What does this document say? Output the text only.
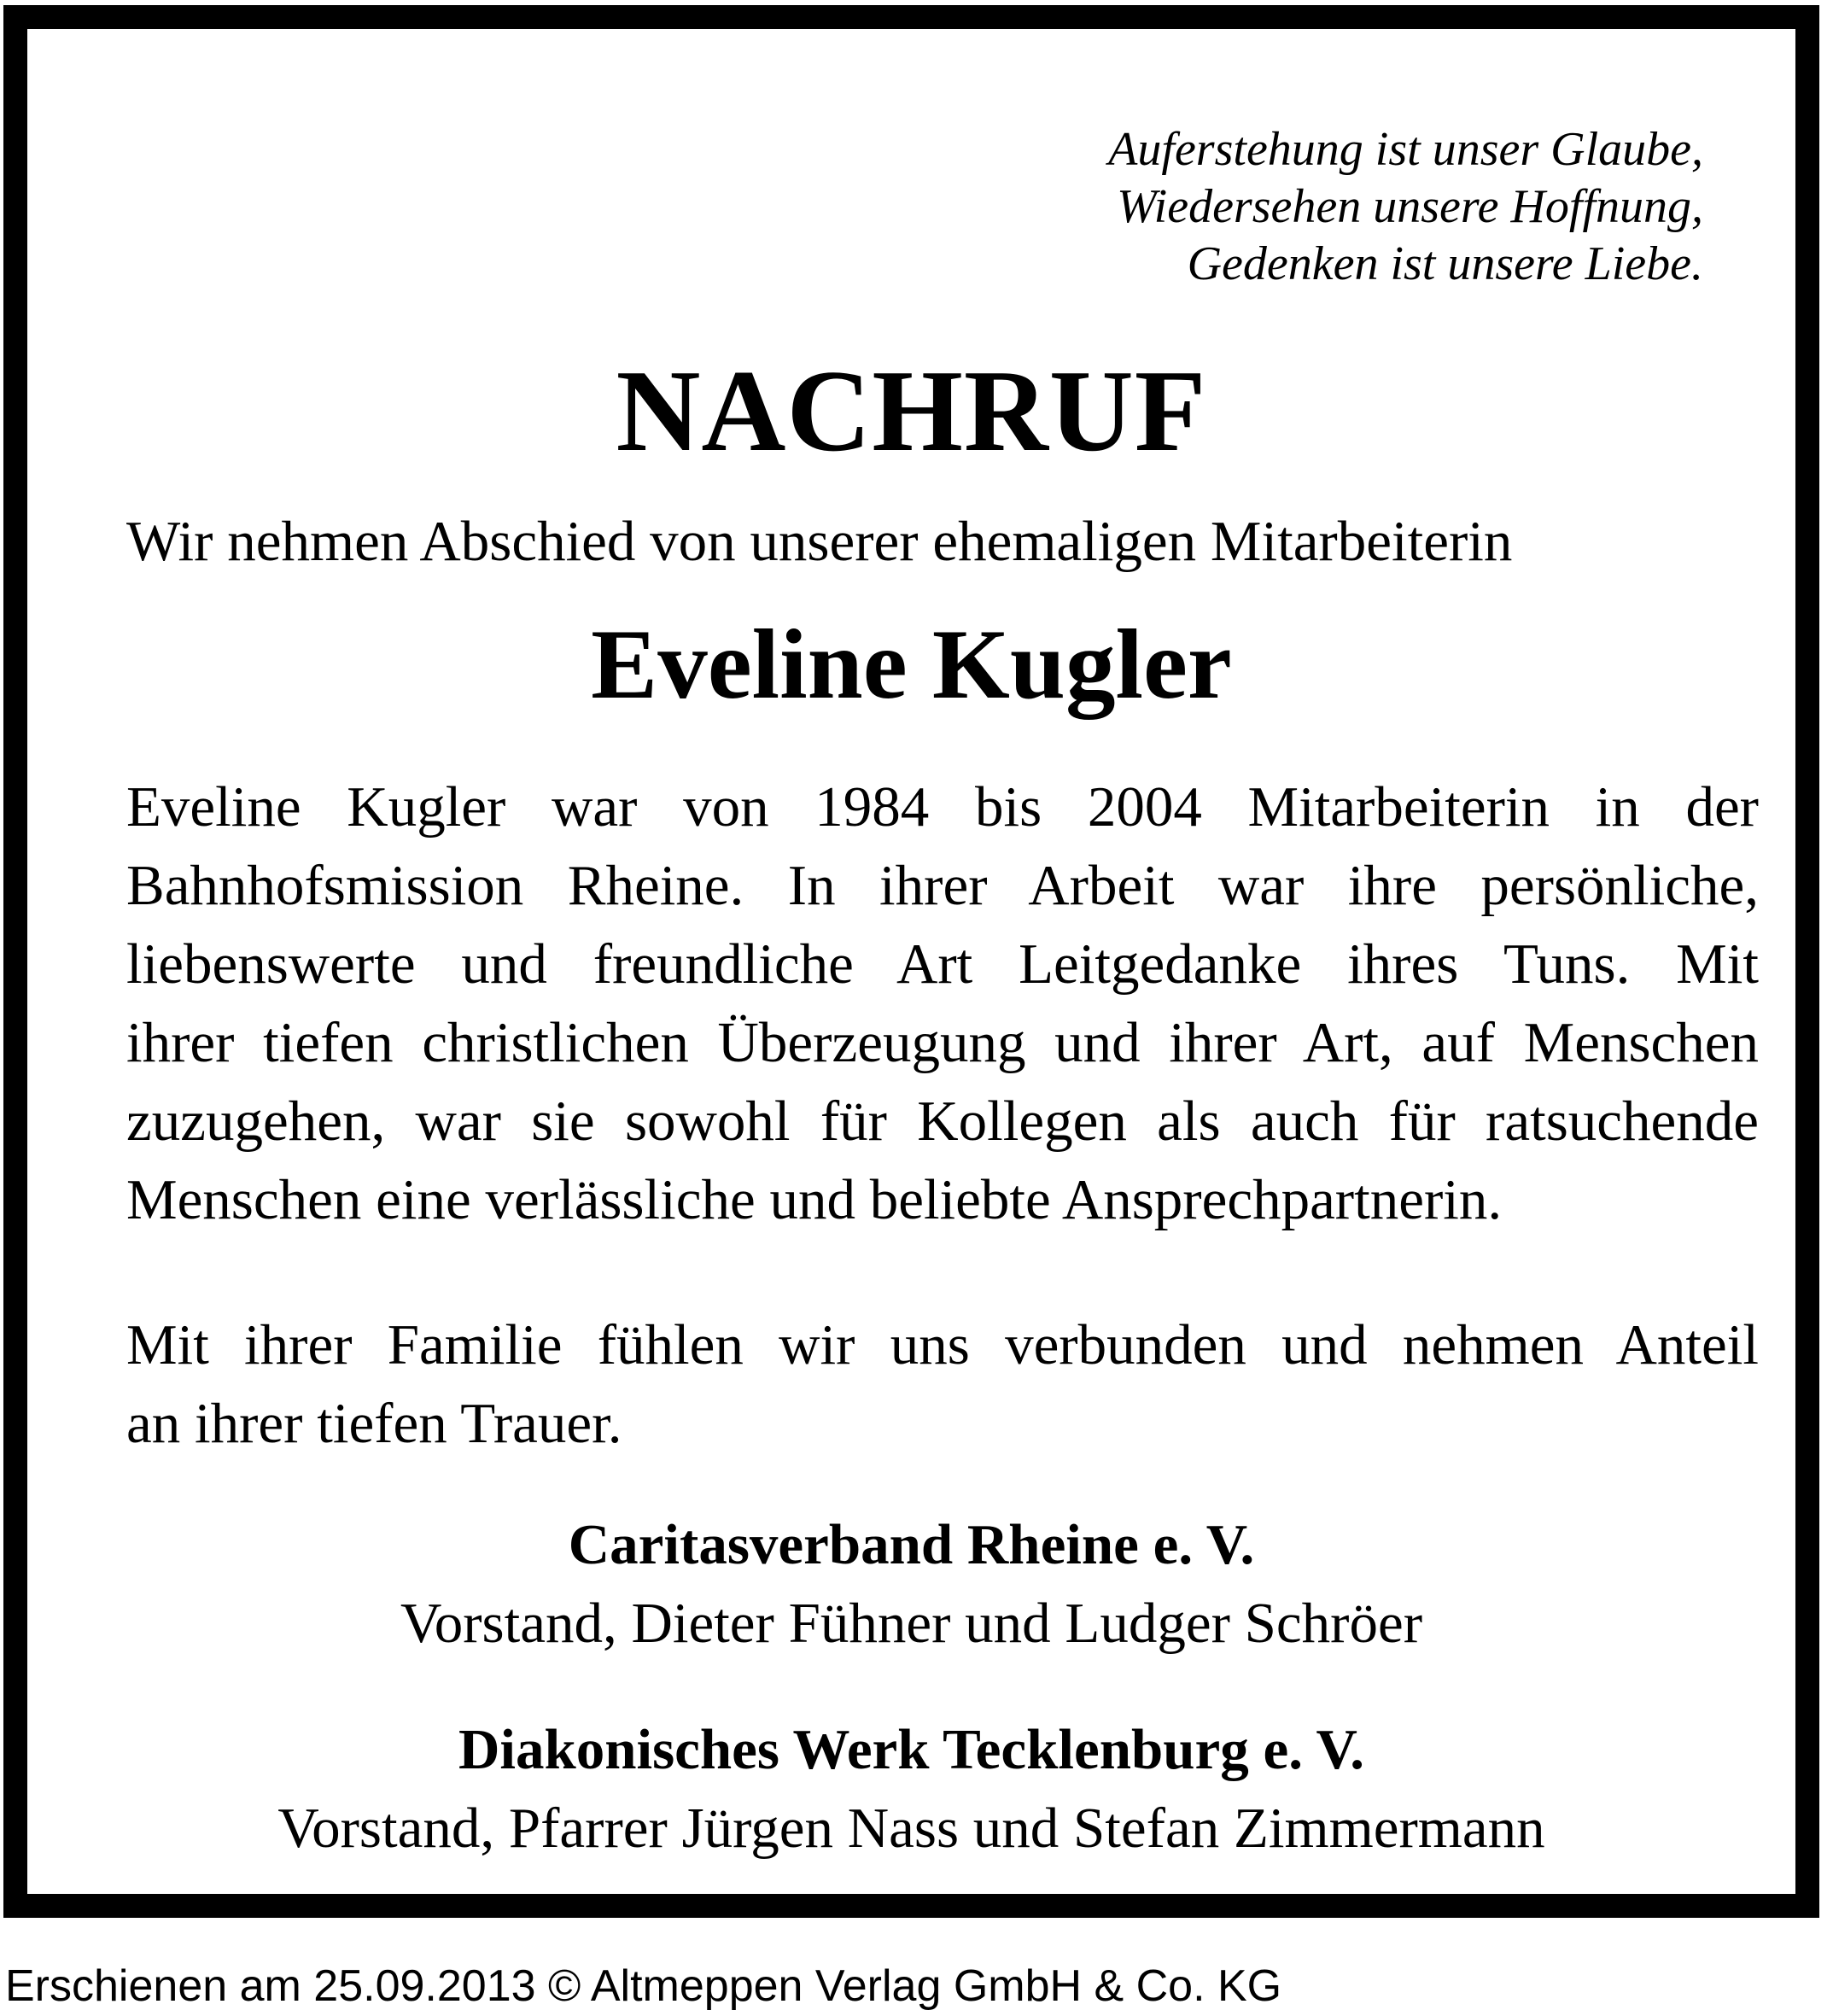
Auferstehung ist unser Glaube,
Wiedersehen unsere Hoffnung,
Gedenken ist unsere Liebe.
NACHRUF
Wir nehmen Abschied von unserer ehemaligen Mitarbeiterin
Eveline Kugler
Eveline Kugler war von 1984 bis 2004 Mitarbeiterin in der
Bahnhofsmission Rheine. In ihrer Arbeit war ihre persönliche,
liebenswerte und freundliche Art Leitgedanke ihres Tuns. Mit
ihrer tiefen christlichen Überzeugung und ihrer Art, auf Menschen
zuzugehen, war sie sowohl für Kollegen als auch für ratsuchende
Menschen eine verlässliche und beliebte Ansprechpartnerin.
Mit ihrer Familie fühlen wir uns verbunden und nehmen Anteil
an ihrer tiefen Trauer.
Caritasverband Rheine e. V.
Vorstand, Dieter Fühner und Ludger Schröer
Diakonisches Werk Tecklenburg e. V.
Vorstand, Pfarrer Jürgen Nass und Stefan Zimmermann
Erschienen am 25.09.2013 © Altmeppen Verlag GmbH & Co. KG
